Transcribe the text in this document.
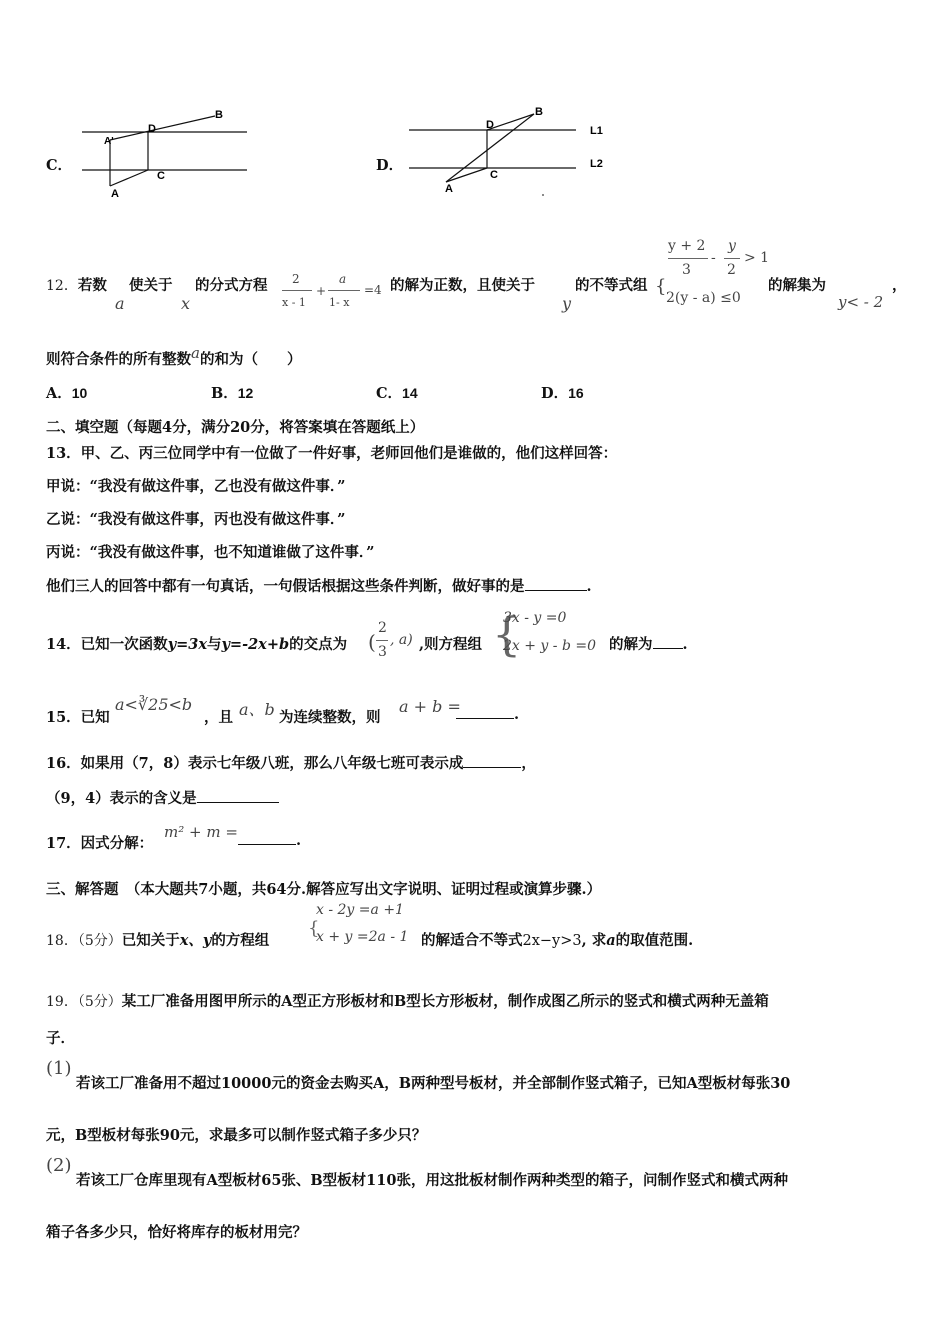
C．
B
D
A'
C
A
D．
B
D
C
A
L1
L2
12．若数
a
使关于
x
的分式方程 2
x - 1
+
a
1- x
=4 的解为正数，且使关于
y
的不等式组 {
y + 2
3
-
y
2
> 1
2(y - a) ≤0
的解集为
y< - 2
，
则符合条件的所有整数a的和为（　　）
A．10	B．12	C．14	D．16
二、填空题（每题4分，满分20分，将答案填在答题纸上）
13．甲、乙、丙三位同学中有一位做了一件好事，老师回他们是谁做的，他们这样回答：
甲说：“我没有做这件事，乙也没有做这件事．”
乙说：“我没有做这件事，丙也没有做这件事．”
丙说：“我没有做这件事，也不知道谁做了这件事．”
他们三人的回答中都有一句真话，一句假话根据这些条件判断，做好事的是	.
14．已知一次函数y=3x与y=-2x+b的交点为 (
2
3
, a) ,则方程组 {
3x - y =0
2x + y - b =0 的解为 .
15．已知
a<∛25<b
，且 a、b 为连续整数，则
a + b =	.
16．如果用（7，8）表示七年级八班，那么八年级七班可表示成	，
（9，4）表示的含义是
17．因式分解：
m² + m =	.
三、解答题　（本大题共7小题，共64分.解答应写出文字说明、证明过程或演算步骤.）
18．（5分）已知关于x、y的方程组
{
x - 2y =a +1
x + y =2a - 1 的解适合不等式2x−y>3, 求a的取值范围.
19．（5分）某工厂准备用图甲所示的A型正方形板材和B型长方形板材，制作成图乙所示的竖式和横式两种无盖箱
子．
(1)
若该工厂准备用不超过10000元的资金去购买A，B两种型号板材，并全部制作竖式箱子，已知A型板材每张30
元，B型板材每张90元，求最多可以制作竖式箱子多少只？
(2)
若该工厂仓库里现有A型板材65张、B型板材110张，用这批板材制作两种类型的箱子，问制作竖式和横式两种
箱子各多少只，恰好将库存的板材用完？
